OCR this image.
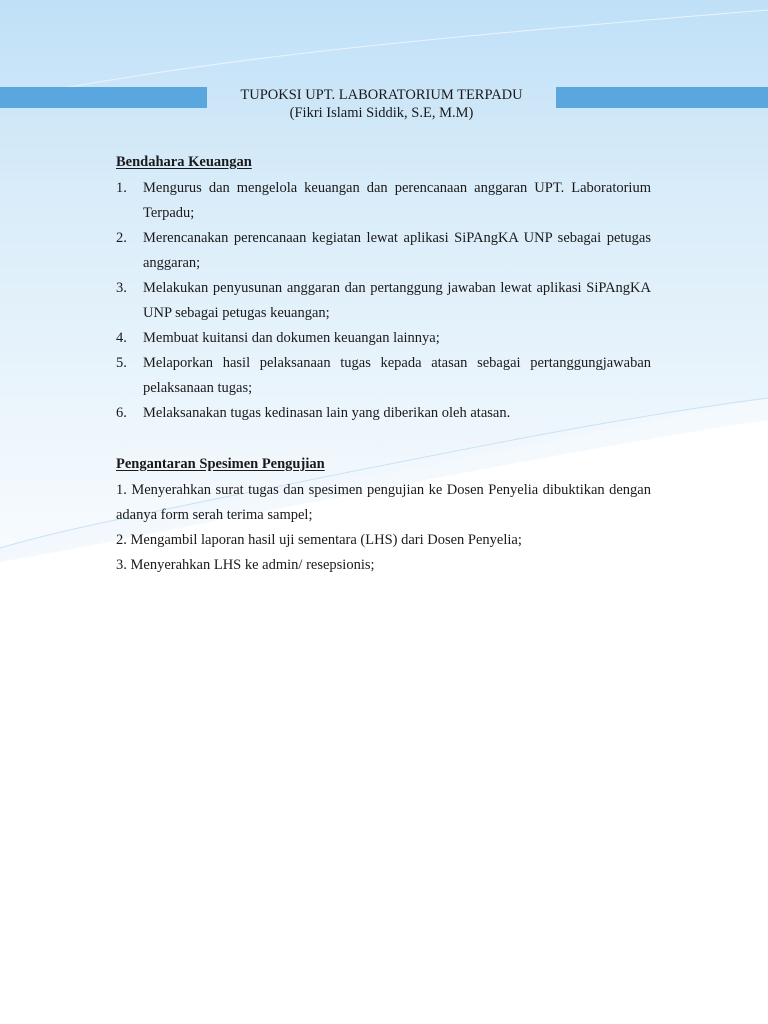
TUPOKSI UPT. LABORATORIUM TERPADU
(Fikri Islami Siddik, S.E, M.M)
Bendahara Keuangan
1. Mengurus dan mengelola keuangan dan perencanaan anggaran UPT. Laboratorium Terpadu;
2. Merencanakan perencanaan kegiatan lewat aplikasi SiPAngKA UNP sebagai petugas anggaran;
3. Melakukan penyusunan anggaran dan pertanggung jawaban lewat aplikasi SiPAngKA UNP sebagai petugas keuangan;
4. Membuat kuitansi dan dokumen keuangan lainnya;
5. Melaporkan hasil pelaksanaan tugas kepada atasan sebagai pertanggungjawaban pelaksanaan tugas;
6. Melaksanakan tugas kedinasan lain yang diberikan oleh atasan.
Pengantaran Spesimen Pengujian

1. Menyerahkan surat tugas dan spesimen pengujian ke Dosen Penyelia dibuktikan dengan adanya form serah terima sampel;

2. Mengambil laporan hasil uji sementara (LHS) dari Dosen Penyelia;

3. Menyerahkan LHS ke admin/ resepsionis;
